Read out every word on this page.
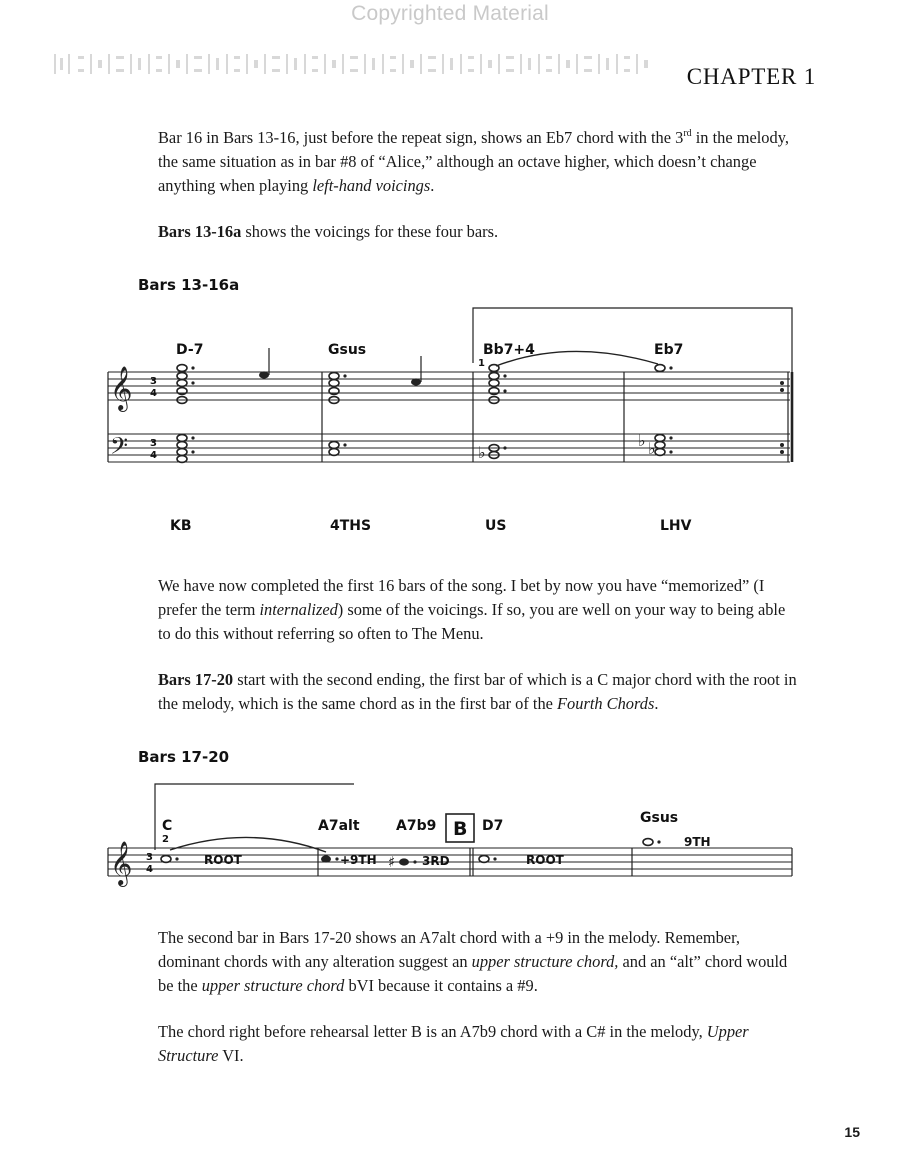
Copyrighted Material
CHAPTER 1
Bar 16 in Bars 13-16, just before the repeat sign, shows an Eb7 chord with the 3rd in the melody, the same situation as in bar #8 of “Alice,” although an octave higher, which doesn’t change anything when playing left-hand voicings.
Bars 13-16a shows the voicings for these four bars.
Bars 13-16a
1
D-7	Gsus	Bb7+4	Eb7
𝄞
𝄢
3
4
3
4	♭
♭ ♭
KB	4THS	US	LHV
We have now completed the first 16 bars of the song. I bet by now you have “memorized” (I prefer the term internalized) some of the voicings. If so, you are well on your way to being able to do this without referring so often to The Menu.
Bars 17-20 start with the second ending, the first bar of which is a C major chord with the root in the melody, which is the same chord as in the first bar of the Fourth Chords.
Bars 17-20
2
C	A7alt	A7b9 B D7	Gsus
𝄞 3
4	♯
ROOT	+9TH	3RD	ROOT
9TH
The second bar in Bars 17-20 shows an A7alt chord with a +9 in the melody. Remember, dominant chords with any alteration suggest an upper structure chord, and an “alt” chord would be the upper structure chord bVI because it contains a #9.
The chord right before rehearsal letter B is an A7b9 chord with a C# in the melody, Upper Structure VI.
15
